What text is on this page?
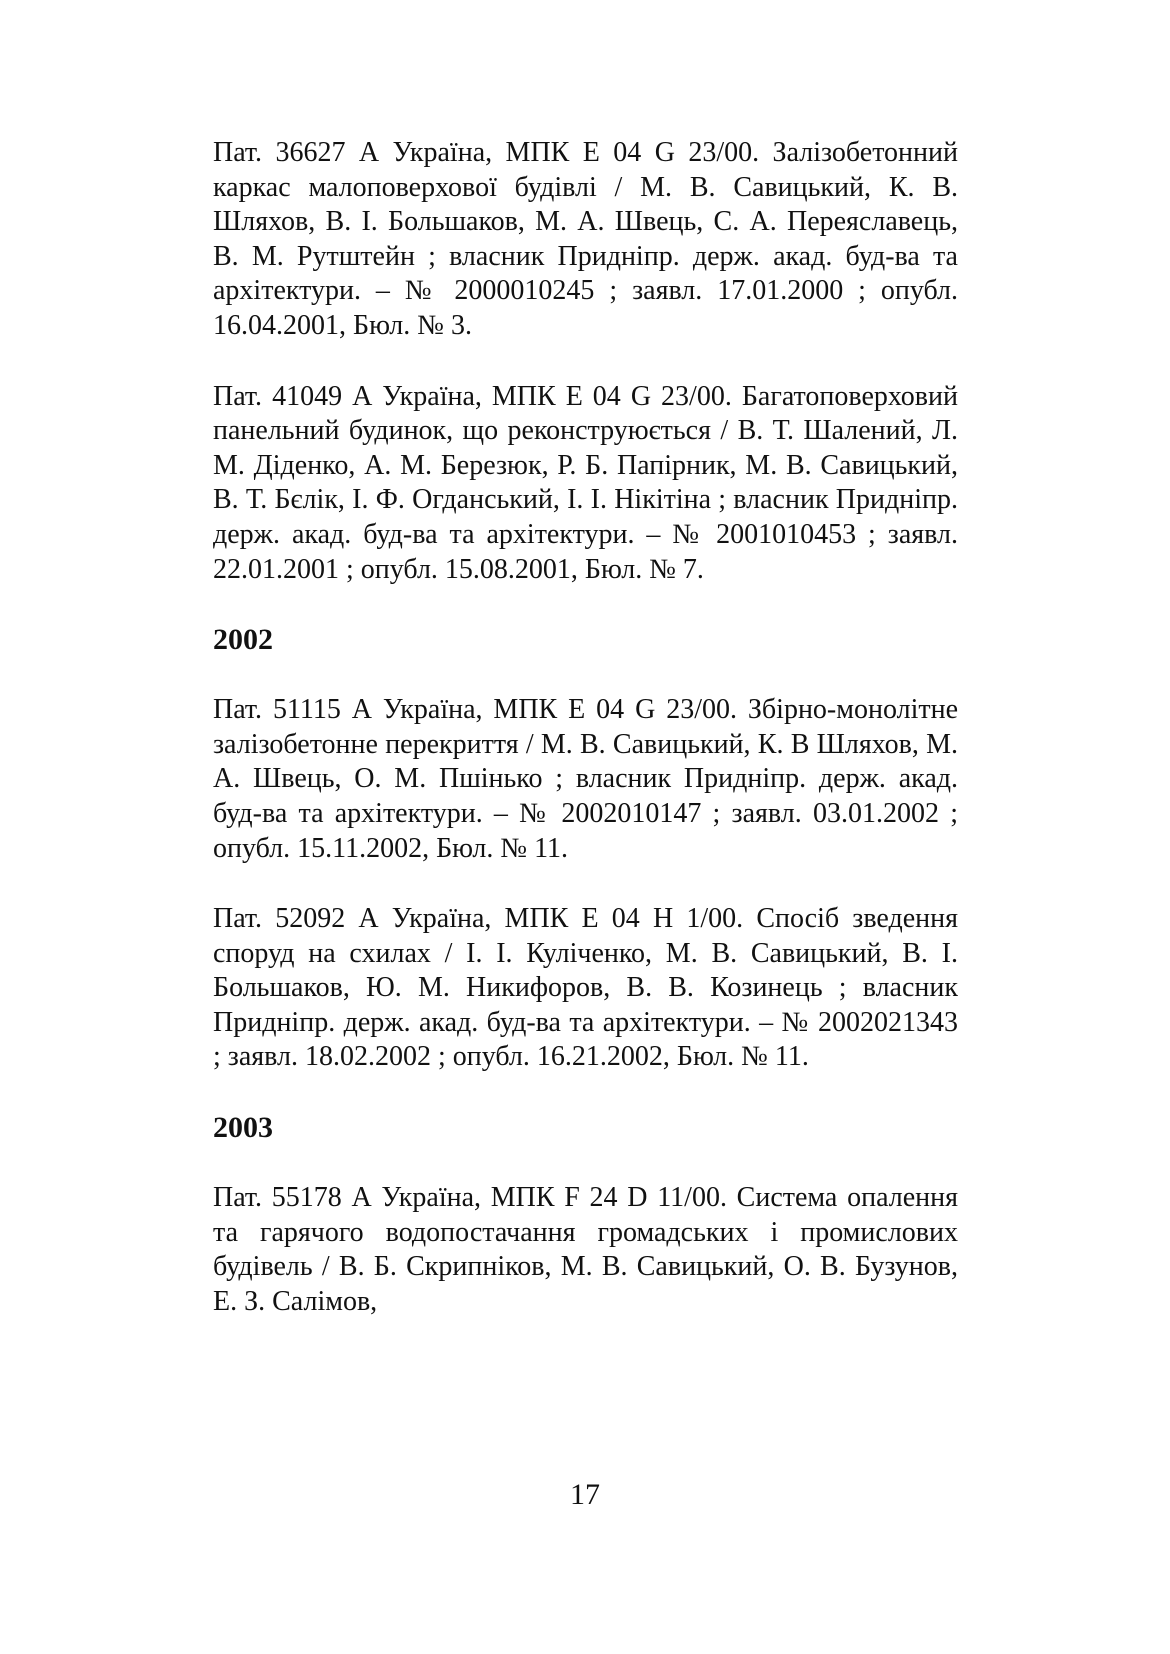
Пат. 36627 А Україна, МПК Е 04 G 23/00. Залізобетонний каркас малоповерхової будівлі / М. В. Савицький, К. В. Шляхов, В. І. Большаков, М. А. Швець, С. А. Переяславець, В. М. Рутштейн ; власник Придніпр. держ. акад. буд-ва та архітектури. – № 2000010245 ; заявл. 17.01.2000 ; опубл. 16.04.2001, Бюл. № 3.

Пат. 41049 А Україна, МПК Е 04 G 23/00. Багатоповерховий панельний будинок, що реконструюється / В. Т. Шалений, Л. М. Діденко, А. М. Березюк, Р. Б. Папірник, М. В. Савицький, В. Т. Бєлік, І. Ф. Огданський, І. І. Нікітіна ; власник Придніпр. держ. акад. буд-ва та архітектури. – № 2001010453 ; заявл. 22.01.2001 ; опубл. 15.08.2001, Бюл. № 7.

2002

Пат. 51115 А Україна, МПК Е 04 G 23/00. Збірно-монолітне залізобетонне перекриття / М. В. Савицький, К. В Шляхов, М. А. Швець, О. М. Пшінько ; власник Придніпр. держ. акад. буд-ва та архітектури. – № 2002010147 ; заявл. 03.01.2002 ; опубл. 15.11.2002, Бюл. № 11.

Пат. 52092 А Україна, МПК Е 04 Н 1/00. Спосіб зведення споруд на схилах / І. І. Кулiченко, М. В. Савицький, В. І. Большаков, Ю. М. Никифоров, В. В. Козинець ; власник Придніпр. держ. акад. буд-ва та архітектури. – № 2002021343 ; заявл. 18.02.2002 ; опубл. 16.21.2002, Бюл. № 11.

2003

Пат. 55178 А Україна, МПК F 24 D 11/00. Система опалення та гарячого водопостачання громадських і промислових будівель / В. Б. Скрипніков, М. В. Савицький, О. В. Бузунов, Е. З. Салімов,

17
